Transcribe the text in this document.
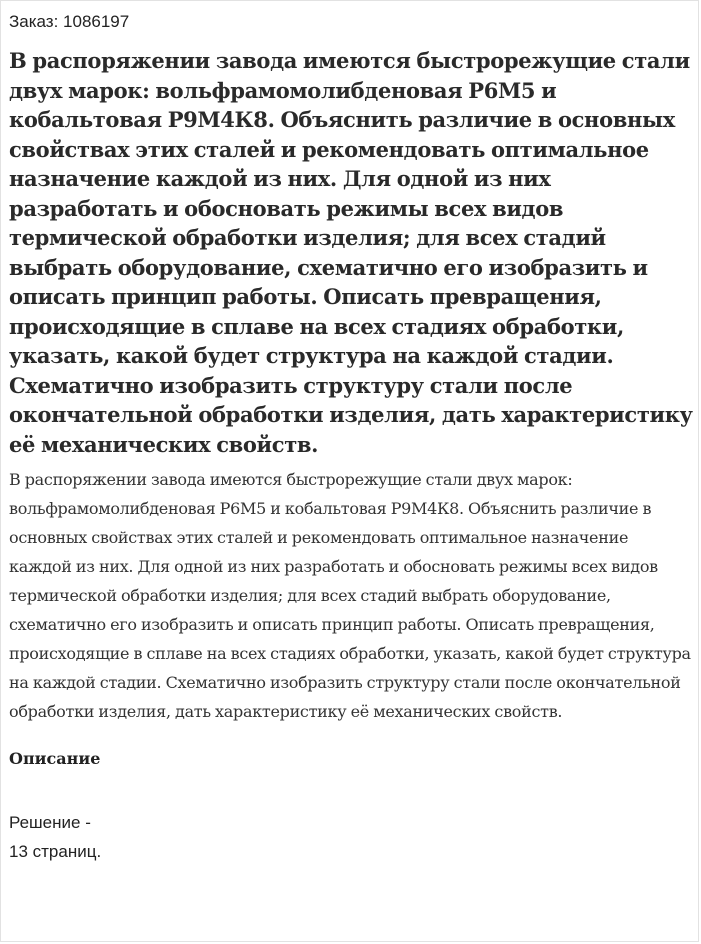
Заказ: 1086197
В распоряжении завода имеются быстрорежущие стали двух марок: вольфрамомолибденовая Р6М5 и кобальтовая Р9М4К8. Объяснить различие в основных свойствах этих сталей и рекомендовать оптимальное назначение каждой из них. Для одной из них разработать и обосновать режимы всех видов термической обработки изделия; для всех стадий выбрать оборудование, схематично его изобразить и описать принцип работы. Описать превращения, происходящие в сплаве на всех стадиях обработки, указать, какой будет структура на каждой стадии. Схематично изобразить структуру стали после окончательной обработки изделия, дать характеристику её механических свойств.

В распоряжении завода имеются быстрорежущие стали двух марок: вольфрамомолибденовая Р6М5 и кобальтовая Р9М4К8. Объяснить различие в основных свойствах этих сталей и рекомендовать оптимальное назначение каждой из них. Для одной из них разработать и обосновать режимы всех видов термической обработки изделия; для всех стадий выбрать оборудование, схематично его изобразить и описать принцип работы. Описать превращения, происходящие в сплаве на всех стадиях обработки, указать, какой будет структура на каждой стадии. Схематично изобразить структуру стали после окончательной обработки изделия, дать характеристику её механических свойств.

Описание
Решение -
13 страниц.
